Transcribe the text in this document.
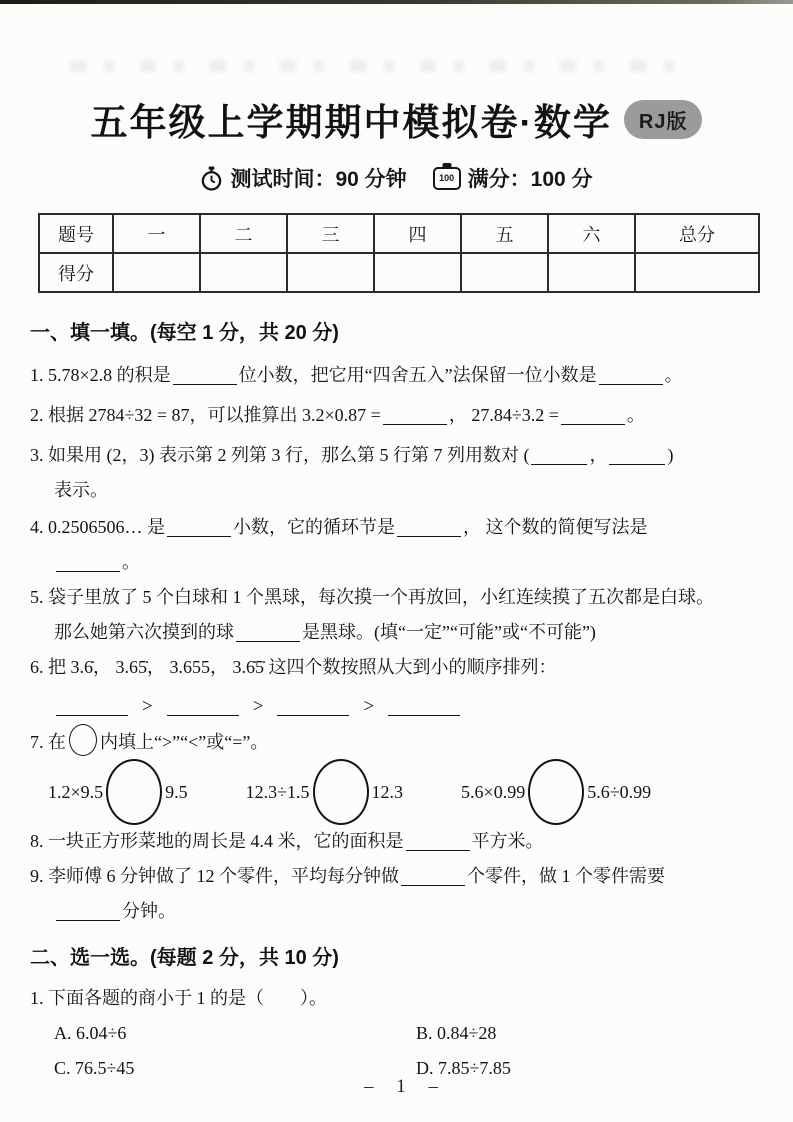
五年级上学期期中模拟卷·数学	RJ版
测试时间：90 分钟	100 满分：100 分
题号	一	二	三	四	五	六	总分
得分							
一、填一填。(每空 1 分，共 20 分)
1. 5.78×2.8 的积是	位小数，把它用“四舍五入”法保留一位小数是	。
2. 根据 2784÷32 = 87，可以推算出 3.2×0.87 =	， 27.84÷3.2 =	。
3. 如果用 (2，3) 表示第 2 列第 3 行，那么第 5 行第 7 列用数对 (	，	)
表示。
4. 0.2506506… 是	小数，它的循环节是	， 这个数的简便写法是
。
5. 袋子里放了 5 个白球和 1 个黑球，每次摸一个再放回，小红连续摸了五次都是白球。
那么她第六次摸到的球	是黑球。(填“一定”“可能”或“不可能”)
6. 把 3.6̇， 3.65̇， 3.655， 3.6̇5̇ 这四个数按照从大到小的顺序排列：
>	>	>
7. 在 内填上“>”“<”或“=”。
1.2×9.5	9.5	12.3÷1.5	12.3	5.6×0.99	5.6÷0.99
8. 一块正方形菜地的周长是 4.4 米，它的面积是	平方米。
9. 李师傅 6 分钟做了 12 个零件，平均每分钟做	个零件，做 1 个零件需要
分钟。
二、选一选。(每题 2 分，共 10 分)
1. 下面各题的商小于 1 的是（　　）。
A. 6.04÷6	B. 0.84÷28
C. 76.5÷45	D. 7.85÷7.85
– 1 –
